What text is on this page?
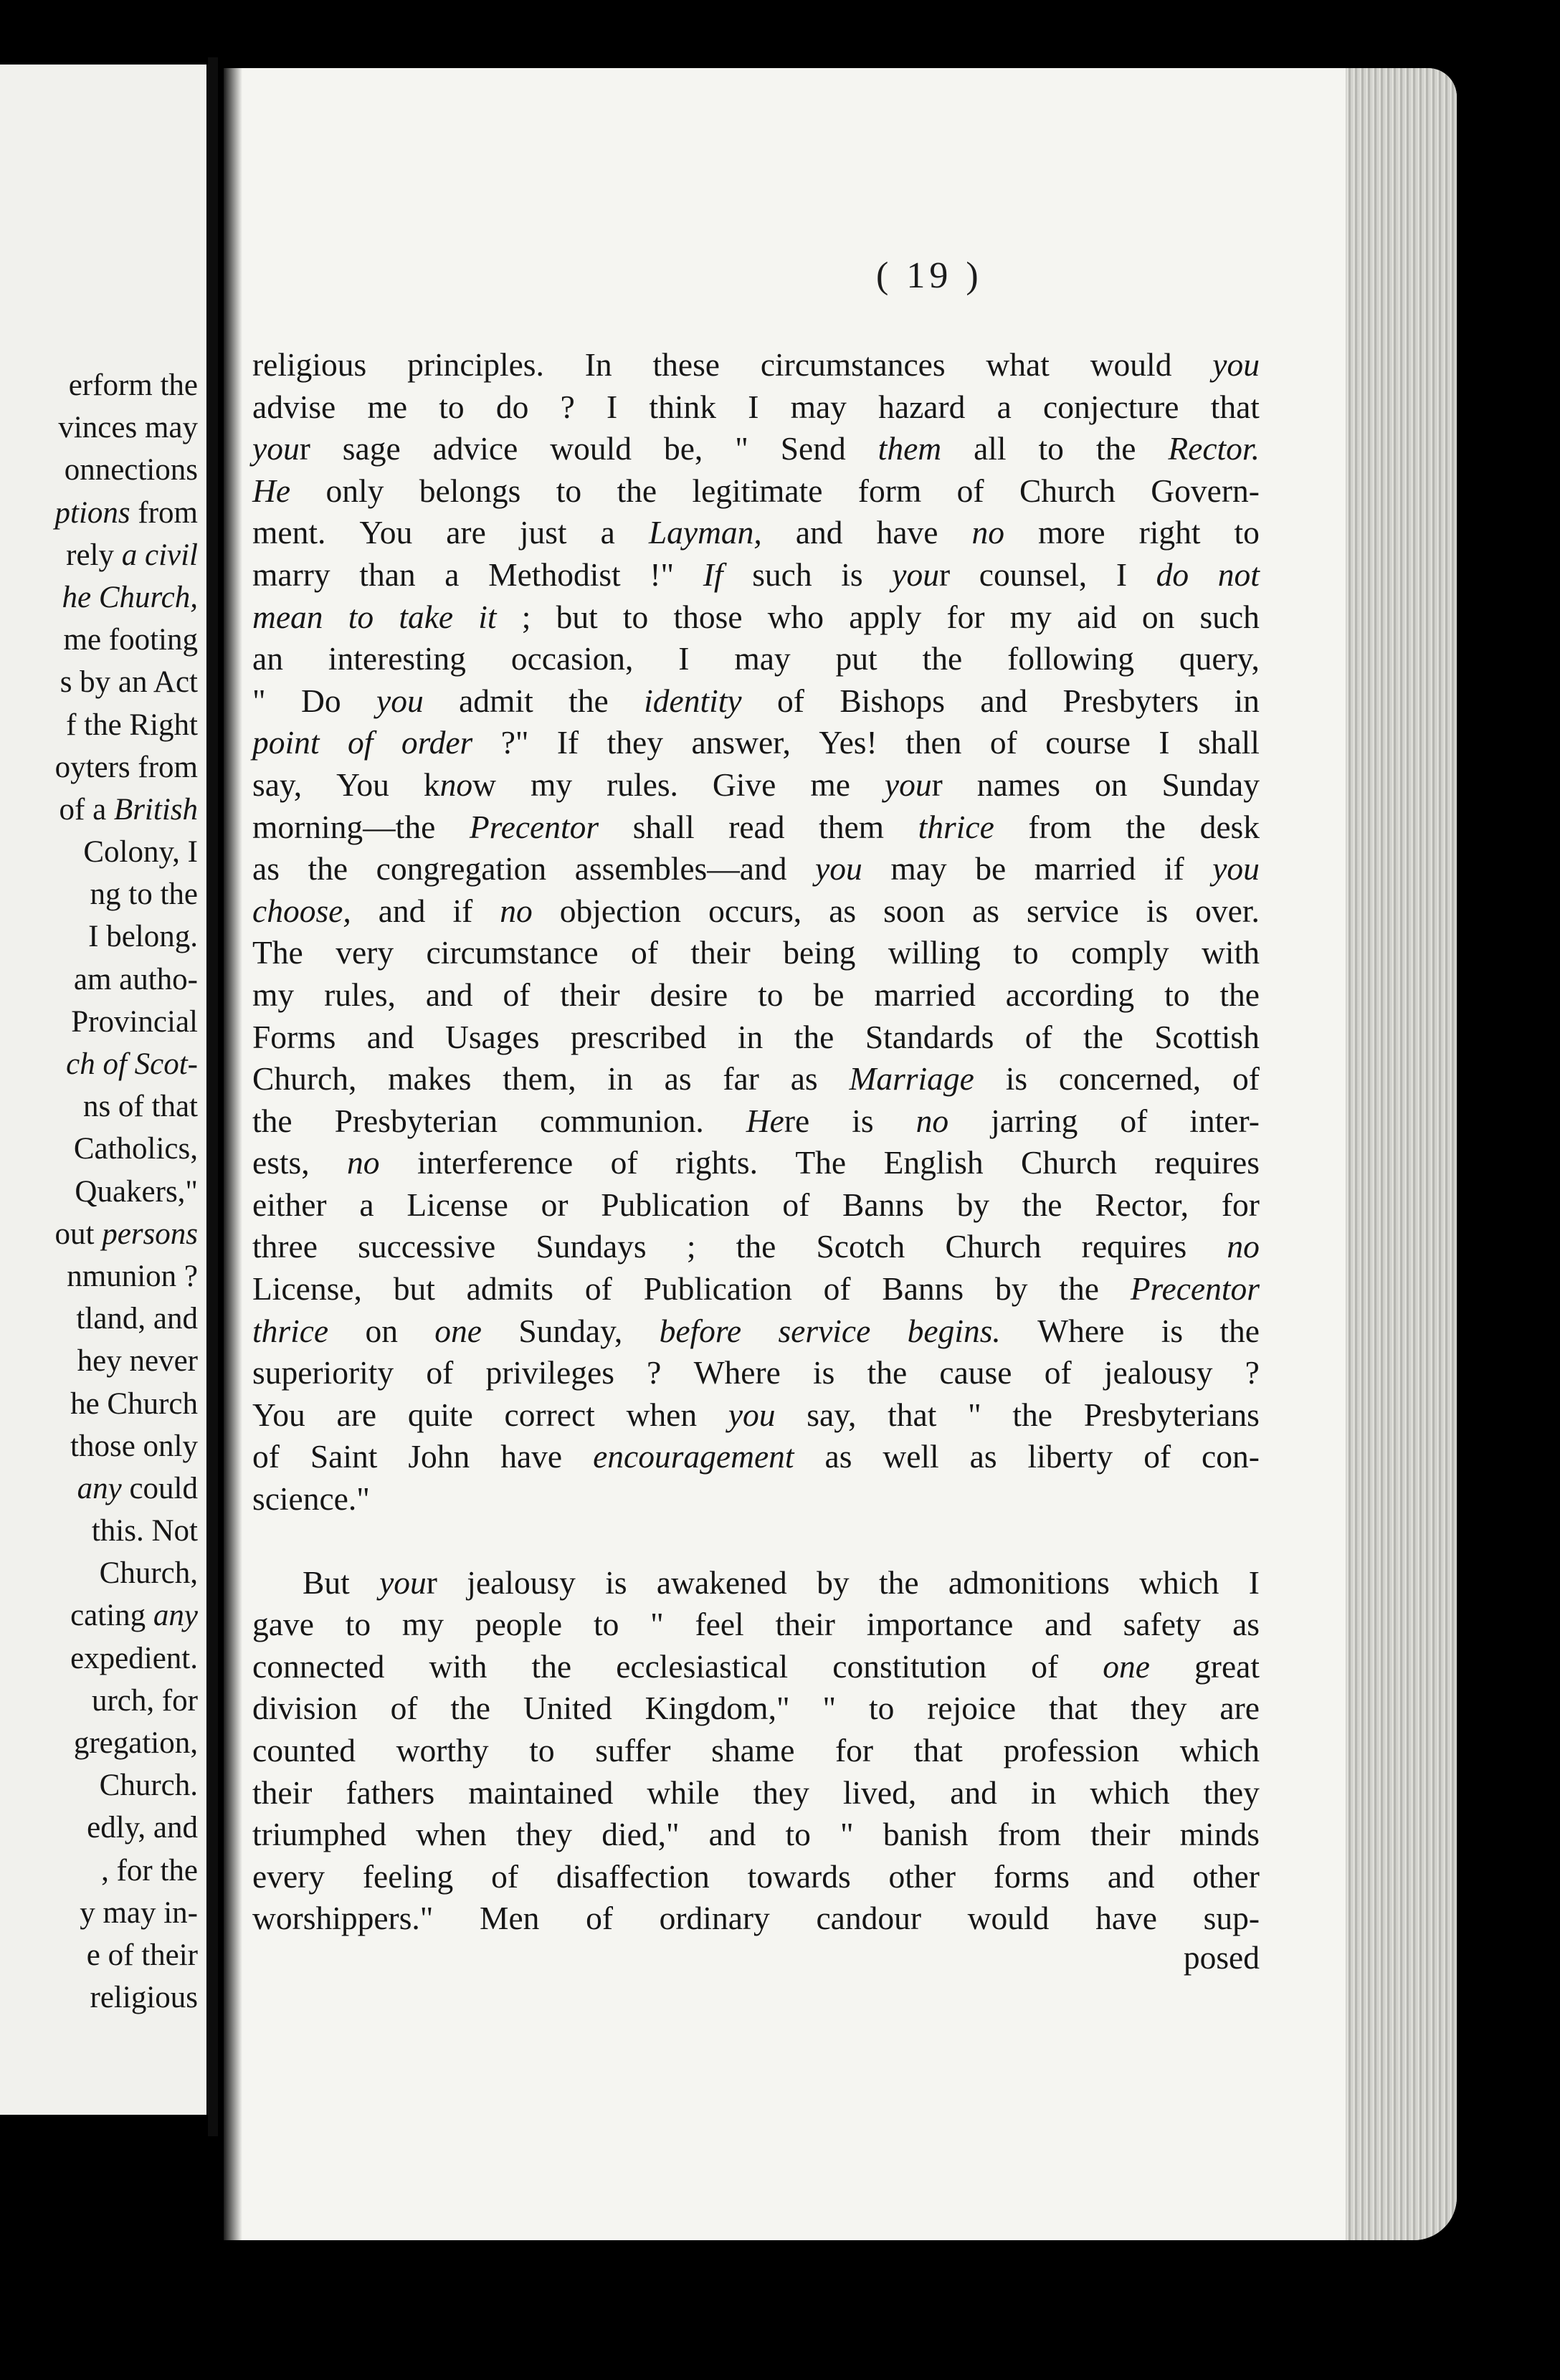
erform the
vinces may
onnections
ptions from
rely a civil
he Church,
me footing
s by an Act
f the Right
oyters from
of a British
Colony, I
ng to the
I belong.
am autho-
Provincial
ch of Scot-
ns of that
Catholics,
Quakers,"
out persons
nmunion ?
tland, and
hey never
he Church
those only
any could
this. Not
Church,
cating any
expedient.
urch, for
gregation,
Church.
edly, and
, for the
y may in-
e of their
religious
( 19 )
religious principles. In these circumstances what would you
advise me to do ? I think I may hazard a conjecture that
your sage advice would be, " Send them all to the Rector.
He only belongs to the legitimate form of Church Govern-
ment. You are just a Layman, and have no more right to
marry than a Methodist !" If such is your counsel, I do not
mean to take it ; but to those who apply for my aid on such
an interesting occasion, I may put the following query,
" Do you admit the identity of Bishops and Presbyters in
point of order ?" If they answer, Yes! then of course I shall
say, You know my rules. Give me your names on Sunday
morning—the Precentor shall read them thrice from the desk
as the congregation assembles—and you may be married if you
choose, and if no objection occurs, as soon as service is over.
The very circumstance of their being willing to comply with
my rules, and of their desire to be married according to the
Forms and Usages prescribed in the Standards of the Scottish
Church, makes them, in as far as Marriage is concerned, of
the Presbyterian communion. Here is no jarring of inter-
ests, no interference of rights. The English Church requires
either a License or Publication of Banns by the Rector, for
three successive Sundays ; the Scotch Church requires no
License, but admits of Publication of Banns by the Precentor
thrice on one Sunday, before service begins. Where is the
superiority of privileges ? Where is the cause of jealousy ?
You are quite correct when you say, that " the Presbyterians
of Saint John have encouragement as well as liberty of con-
science."
But your jealousy is awakened by the admonitions which I
gave to my people to " feel their importance and safety as
connected with the ecclesiastical constitution of one great
division of the United Kingdom," " to rejoice that they are
counted worthy to suffer shame for that profession which
their fathers maintained while they lived, and in which they
triumphed when they died," and to " banish from their minds
every feeling of disaffection towards other forms and other
worshippers." Men of ordinary candour would have sup-
posed
